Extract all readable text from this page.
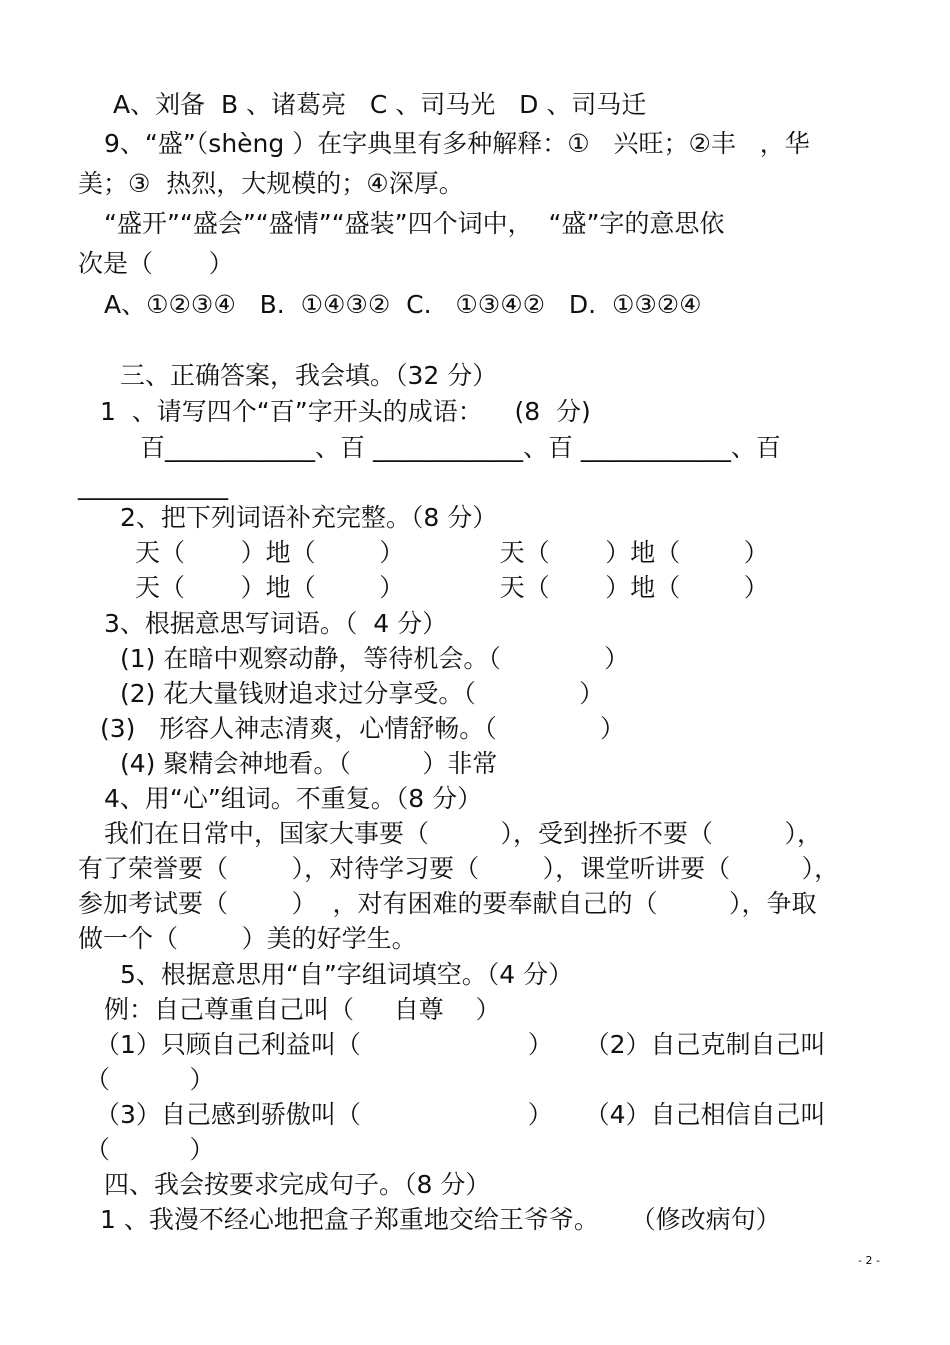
A、刘备  B 、诸葛亮   C 、司马光   D 、司马迁
9、“盛”（shèng ）在字典里有多种解释：①   兴旺；②丰   ，华
美；③  热烈，大规模的；④深厚。
“盛开”“盛会”“盛情”“盛装”四个词中，  “盛”字的意思依
次是（       ）
A、①②③④   B.  ①④③②  C.   ①③④②   D.  ①③②④
三、正确答案，我会填。（32 分）
1  、请写四个“百”字开头的成语：    (8  分)
百____________、百 ____________、百 ____________、百
____________
2、把下列词语补充完整。（8 分）
天（       ）地（        ）            天（       ）地（        ）
天（       ）地（        ）            天（       ）地（        ）
3、根据意思写词语。（  4 分）
(1) 在暗中观察动静，等待机会。（             ）
(2) 花大量钱财追求过分享受。（             ）
(3)   形容人神志清爽，心情舒畅。（             ）
(4) 聚精会神地看。（         ）非常
4、用“心”组词。不重复。（8 分）
我们在日常中，国家大事要（         ），受到挫折不要（         ），
有了荣誉要（        ），对待学习要（        ），课堂听讲要（         ），
参加考试要（        ）  ，对有困难的要奉献自己的（         ），争取
做一个（        ）美的好学生。
5、根据意思用“自”字组词填空。（4 分）
例：自己尊重自己叫（     自尊    ）
（1）只顾自己利益叫（                     ）    （2）自己克制自己叫
（          ）
（3）自己感到骄傲叫（                     ）    （4）自己相信自己叫
（          ）
四、我会按要求完成句子。（8 分）
1 、我漫不经心地把盒子郑重地交给王爷爷。    （修改病句）
- 2 -
